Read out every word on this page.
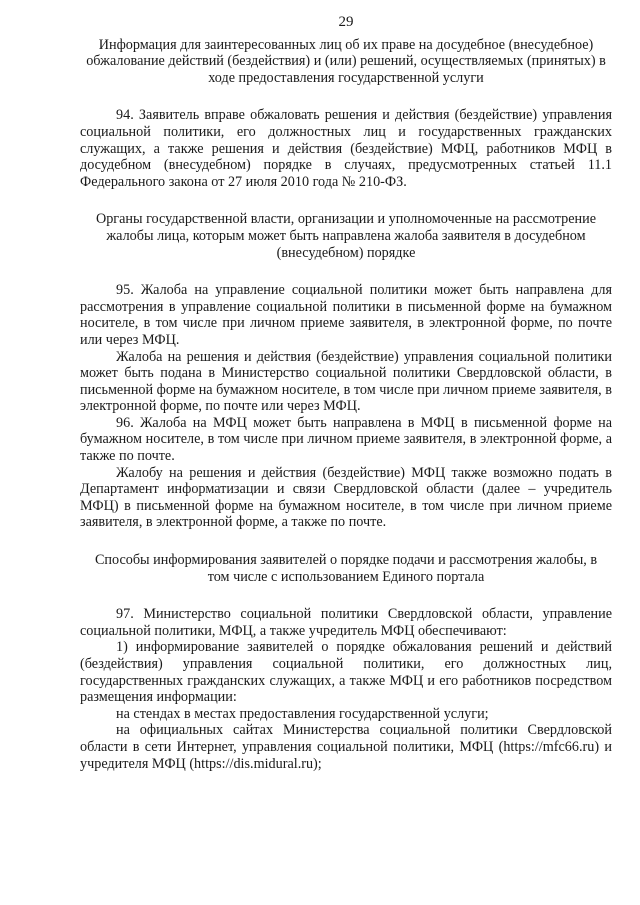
29
Информация для заинтересованных лиц об их праве на досудебное (внесудебное) обжалование действий (бездействия) и (или) решений, осуществляемых (принятых) в ходе предоставления государственной услуги

94. Заявитель вправе обжаловать решения и действия (бездействие) управления социальной политики, его должностных лиц и государственных гражданских служащих, а также решения и действия (бездействие) МФЦ, работников МФЦ в досудебном (внесудебном) порядке в случаях, предусмотренных статьей 11.1 Федерального закона от 27 июля 2010 года № 210-ФЗ.

Органы государственной власти, организации и уполномоченные на рассмотрение жалобы лица, которым может быть направлена жалоба заявителя в досудебном (внесудебном) порядке

95. Жалоба на управление социальной политики может быть направлена для рассмотрения в управление социальной политики в письменной форме на бумажном носителе, в том числе при личном приеме заявителя, в электронной форме, по почте или через МФЦ.

Жалоба на решения и действия (бездействие) управления социальной политики может быть подана в Министерство социальной политики Свердловской области, в письменной форме на бумажном носителе, в том числе при личном приеме заявителя, в электронной форме, по почте или через МФЦ.

96. Жалоба на МФЦ может быть направлена в МФЦ в письменной форме на бумажном носителе, в том числе при личном приеме заявителя, в электронной форме, а также по почте.

Жалобу на решения и действия (бездействие) МФЦ также возможно подать в Департамент информатизации и связи Свердловской области (далее – учредитель МФЦ) в письменной форме на бумажном носителе, в том числе при личном приеме заявителя, в электронной форме, а также по почте.

Способы информирования заявителей о порядке подачи и рассмотрения жалобы, в том числе с использованием Единого портала

97. Министерство социальной политики Свердловской области, управление социальной политики, МФЦ, а также учредитель МФЦ обеспечивают:

1) информирование заявителей о порядке обжалования решений и действий (бездействия) управления социальной политики, его должностных лиц, государственных гражданских служащих, а также МФЦ и его работников посредством размещения информации:

на стендах в местах предоставления государственной услуги;

на официальных сайтах Министерства социальной политики Свердловской области в сети Интернет, управления социальной политики, МФЦ (https://mfc66.ru) и учредителя МФЦ (https://dis.midural.ru);
